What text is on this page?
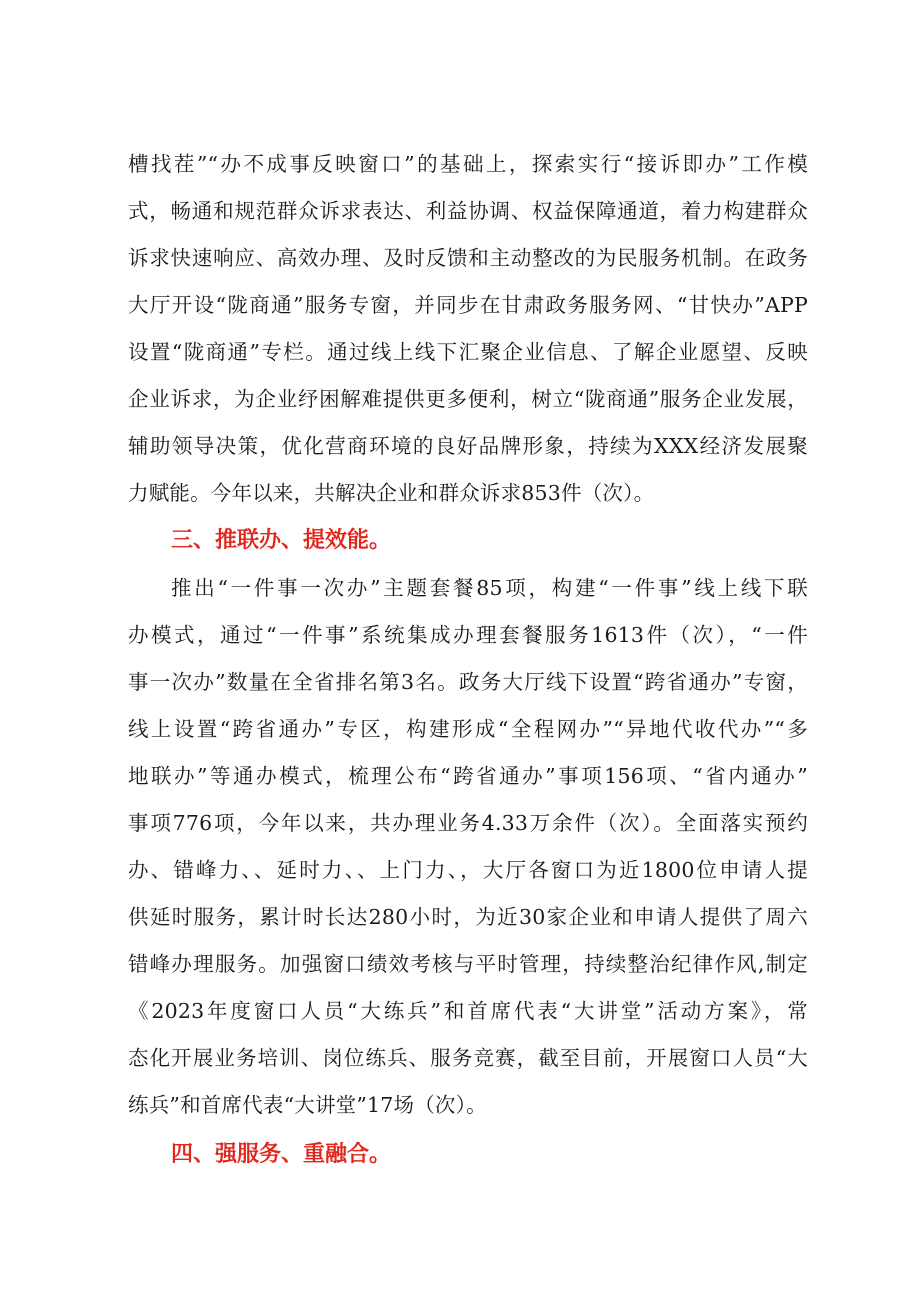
槽找茬”“办不成事反映窗口”的基础上，探索实行“接诉即办”工作模
式，畅通和规范群众诉求表达、利益协调、权益保障通道，着力构建群众
诉求快速响应、高效办理、及时反馈和主动整改的为民服务机制。在政务
大厅开设“陇商通”服务专窗，并同步在甘肃政务服务网、“甘快办”APP
设置“陇商通”专栏。通过线上线下汇聚企业信息、了解企业愿望、反映
企业诉求，为企业纾困解难提供更多便利，树立“陇商通”服务企业发展，
辅助领导决策，优化营商环境的良好品牌形象，持续为XXX经济发展聚
力赋能。今年以来，共解决企业和群众诉求853件（次）。
三、推联办、提效能。
推出“一件事一次办”主题套餐85项，构建“一件事”线上线下联
办模式，通过“一件事”系统集成办理套餐服务1613件（次），“一件
事一次办”数量在全省排名第3名。政务大厅线下设置“跨省通办”专窗，
线上设置“跨省通办”专区，构建形成“全程网办”“异地代收代办”“多
地联办”等通办模式，梳理公布“跨省通办”事项156项、“省内通办”
事项776项，今年以来，共办理业务4.33万余件（次）。全面落实预约
办、错峰力、、延时力、、上门力、，大厅各窗口为近1800位申请人提
供延时服务，累计时长达280小时，为近30家企业和申请人提供了周六
错峰办理服务。加强窗口绩效考核与平时管理，持续整治纪律作风,制定
《2023年度窗口人员“大练兵”和首席代表“大讲堂”活动方案》，常
态化开展业务培训、岗位练兵、服务竞赛，截至目前，开展窗口人员“大
练兵”和首席代表“大讲堂”17场（次）。
四、强服务、重融合。
